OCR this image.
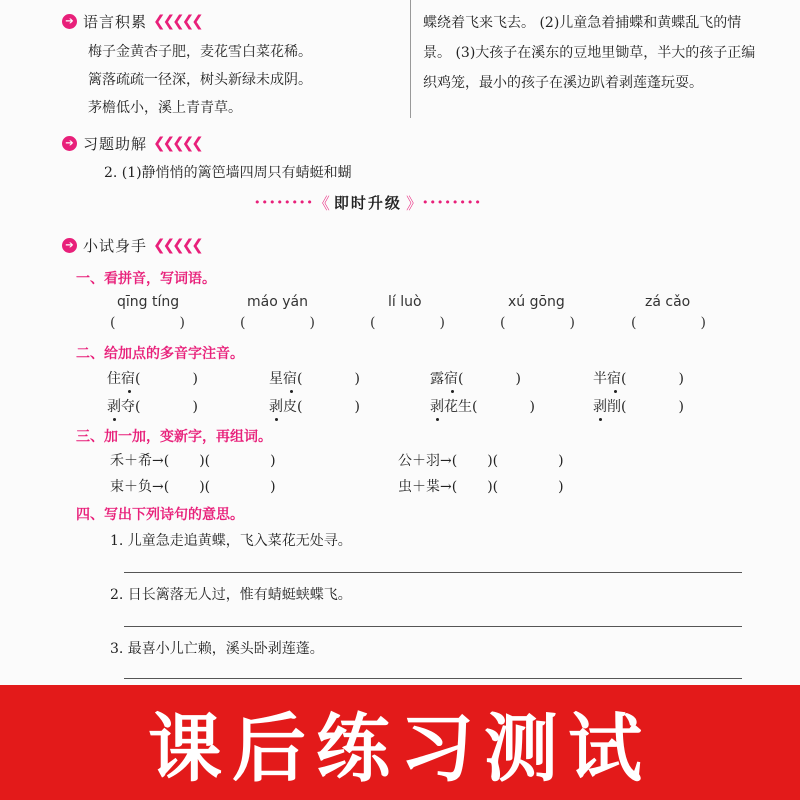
➔ 语言积累 ❮❮❮❮❮
梅子金黄杏子肥，麦花雪白菜花稀。
篱落疏疏一径深，树头新绿未成阴。
茅檐低小，溪上青青草。
➔ 习题助解 ❮❮❮❮❮
2. (1)静悄悄的篱笆墙四周只有蜻蜓和蝴
蝶绕着飞来飞去。 (2)儿童急着捕蝶和黄蝶乱飞的情景。 (3)大孩子在溪东的豆地里锄草，半大的孩子正编织鸡笼，最小的孩子在溪边趴着剥莲蓬玩耍。
•••••••• 《 即时升级 》 ••••••••
➔ 小试身手 ❮❮❮❮❮
一、看拼音，写词语。
qīng tíng	máo yán	lí luò	xú gōng	zá cǎo
(	)	(	)	(	)	(	)	(	)
二、给加点的多音字注音。
住宿(	)	星宿(	)	露宿(	)	半宿(	)
剥夺(	)	剥皮(	)	剥花生(	)	剥削(	)
三、加一加，变新字，再组词。
禾＋希→( )(	)	公＋羽→( )(	)
束＋负→( )(	)	虫＋枼→( )(	)
四、写出下列诗句的意思。
1. 儿童急走追黄蝶，飞入菜花无处寻。
2. 日长篱落无人过，惟有蜻蜓蛱蝶飞。
3. 最喜小儿亡赖，溪头卧剥莲蓬。
课后练习测试
